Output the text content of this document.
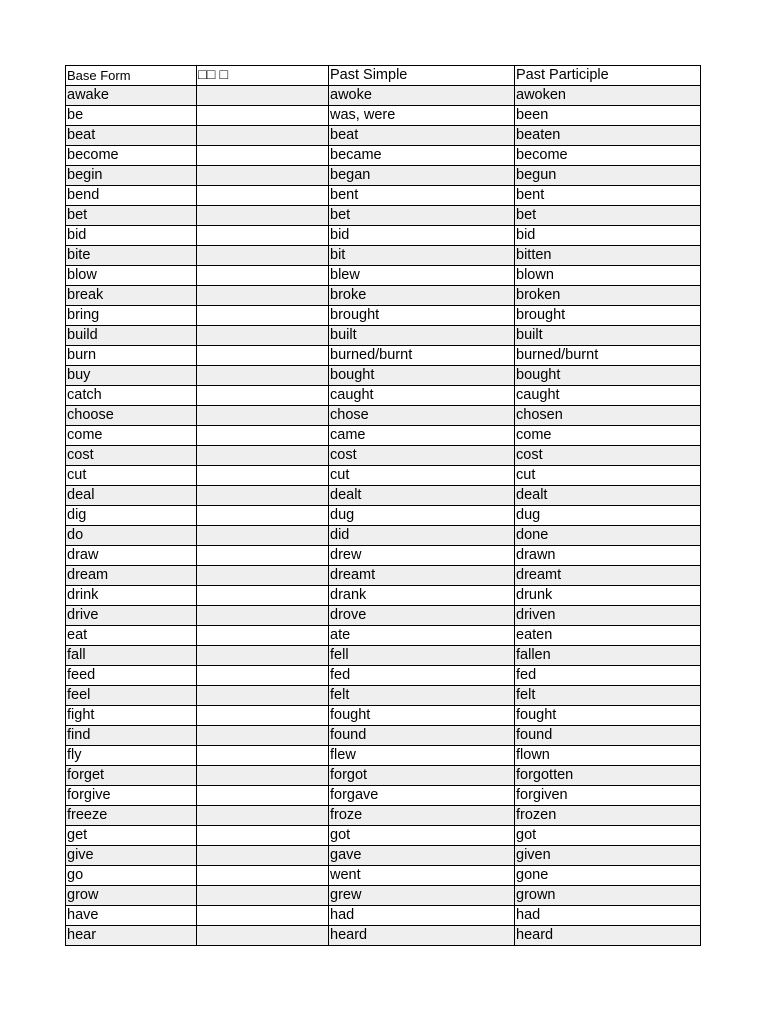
Base Form	□□ □	Past Simple	Past Participle
awake		awoke	awoken
be		was, were	been
beat		beat	beaten
become		became	become
begin		began	begun
bend		bent	bent
bet		bet	bet
bid		bid	bid
bite		bit	bitten
blow		blew	blown
break		broke	broken
bring		brought	brought
build		built	built
burn		burned/burnt	burned/burnt
buy		bought	bought
catch		caught	caught
choose		chose	chosen
come		came	come
cost		cost	cost
cut		cut	cut
deal		dealt	dealt
dig		dug	dug
do		did	done
draw		drew	drawn
dream		dreamt	dreamt
drink		drank	drunk
drive		drove	driven
eat		ate	eaten
fall		fell	fallen
feed		fed	fed
feel		felt	felt
fight		fought	fought
find		found	found
fly		flew	flown
forget		forgot	forgotten
forgive		forgave	forgiven
freeze		froze	frozen
get		got	got
give		gave	given
go		went	gone
grow		grew	grown
have		had	had
hear		heard	heard
